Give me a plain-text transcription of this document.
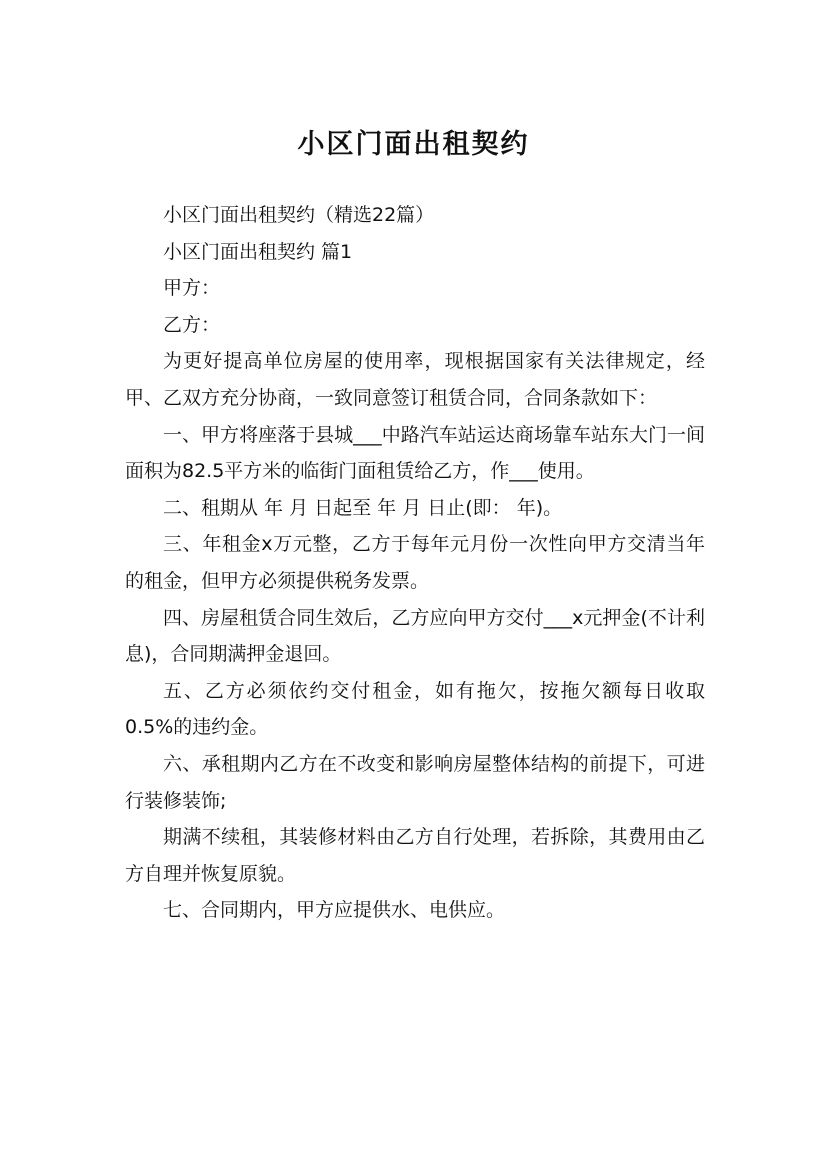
小区门面出租契约

小区门面出租契约（精选22篇）

小区门面出租契约 篇1

甲方：

乙方：

为更好提高单位房屋的使用率，现根据国家有关法律规定，经甲、乙双方充分协商，一致同意签订租赁合同，合同条款如下：

一、甲方将座落于县城___中路汽车站运达商场靠车站东大门一间面积为82.5平方米的临街门面租赁给乙方，作___使用。

二、租期从 年 月 日起至 年 月 日止(即： 年)。

三、年租金x万元整，乙方于每年元月份一次性向甲方交清当年的租金，但甲方必须提供税务发票。

四、房屋租赁合同生效后，乙方应向甲方交付___x元押金(不计利息)，合同期满押金退回。

五、乙方必须依约交付租金，如有拖欠，按拖欠额每日收取0.5%的违约金。

六、承租期内乙方在不改变和影响房屋整体结构的前提下，可进行装修装饰;

期满不续租，其装修材料由乙方自行处理，若拆除，其费用由乙方自理并恢复原貌。

七、合同期内，甲方应提供水、电供应。
